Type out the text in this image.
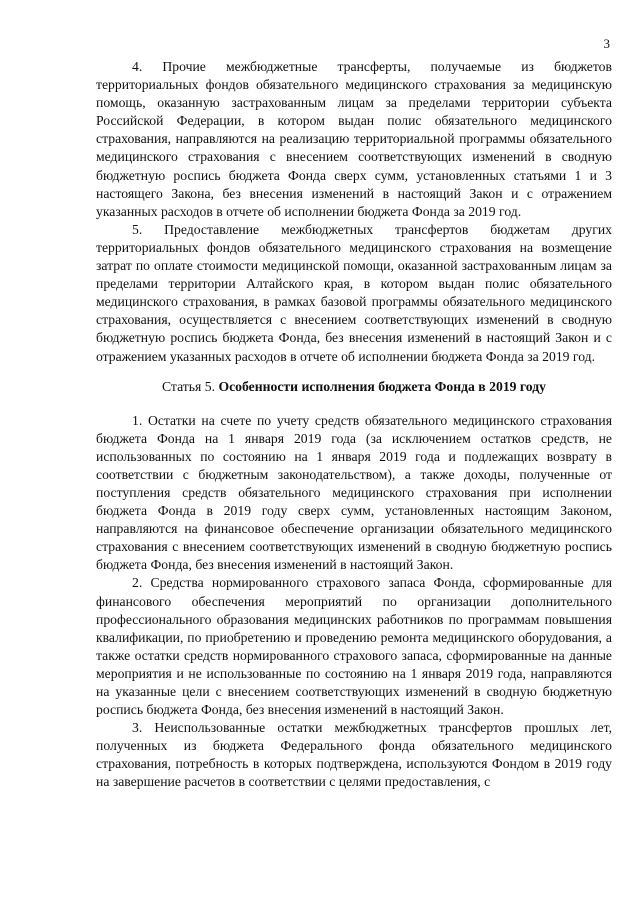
3

4. Прочие межбюджетные трансферты, получаемые из бюджетов территориальных фондов обязательного медицинского страхования за медицинскую помощь, оказанную застрахованным лицам за пределами территории субъекта Российской Федерации, в котором выдан полис обязательного медицинского страхования, направляются на реализацию территориальной программы обязательного медицинского страхования с внесением соответствующих изменений в сводную бюджетную роспись бюджета Фонда сверх сумм, установленных статьями 1 и 3 настоящего Закона, без внесения изменений в настоящий Закон и с отражением указанных расходов в отчете об исполнении бюджета Фонда за 2019 год.

5. Предоставление межбюджетных трансфертов бюджетам других территориальных фондов обязательного медицинского страхования на возмещение затрат по оплате стоимости медицинской помощи, оказанной застрахованным лицам за пределами территории Алтайского края, в котором выдан полис обязательного медицинского страхования, в рамках базовой программы обязательного медицинского страхования, осуществляется с внесением соответствующих изменений в сводную бюджетную роспись бюджета Фонда, без внесения изменений в настоящий Закон и с отражением указанных расходов в отчете об исполнении бюджета Фонда за 2019 год.

Статья 5. Особенности исполнения бюджета Фонда в 2019 году

1. Остатки на счете по учету средств обязательного медицинского страхования бюджета Фонда на 1 января 2019 года (за исключением остатков средств, не использованных по состоянию на 1 января 2019 года и подлежащих возврату в соответствии с бюджетным законодательством), а также доходы, полученные от поступления средств обязательного медицинского страхования при исполнении бюджета Фонда в 2019 году сверх сумм, установленных настоящим Законом, направляются на финансовое обеспечение организации обязательного медицинского страхования с внесением соответствующих изменений в сводную бюджетную роспись бюджета Фонда, без внесения изменений в настоящий Закон.

2. Средства нормированного страхового запаса Фонда, сформированные для финансового обеспечения мероприятий по организации дополнительного профессионального образования медицинских работников по программам повышения квалификации, по приобретению и проведению ремонта медицинского оборудования, а также остатки средств нормированного страхового запаса, сформированные на данные мероприятия и не использованные по состоянию на 1 января 2019 года, направляются на указанные цели с внесением соответствующих изменений в сводную бюджетную роспись бюджета Фонда, без внесения изменений в настоящий Закон.

3. Неиспользованные остатки межбюджетных трансфертов прошлых лет, полученных из бюджета Федерального фонда обязательного медицинского страхования, потребность в которых подтверждена, используются Фондом в 2019 году на завершение расчетов в соответствии с целями предоставления, с
